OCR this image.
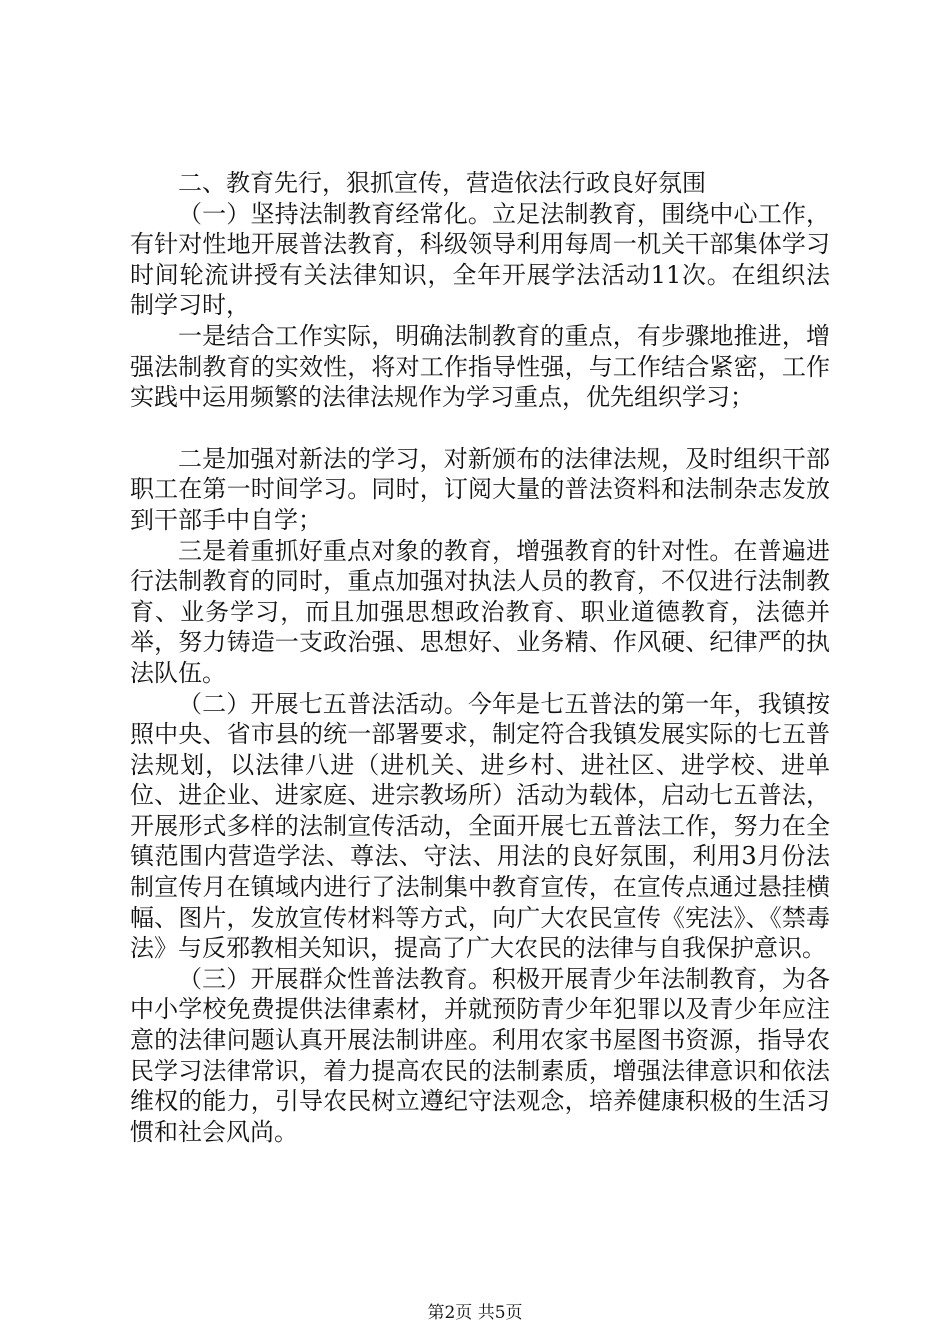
二、教育先行，狠抓宣传，营造依法行政良好氛围

（一）坚持法制教育经常化。立足法制教育，围绕中心工作，有针对性地开展普法教育，科级领导利用每周一机关干部集体学习时间轮流讲授有关法律知识，全年开展学法活动11次。在组织法制学习时，

一是结合工作实际，明确法制教育的重点，有步骤地推进，增强法制教育的实效性，将对工作指导性强，与工作结合紧密，工作实践中运用频繁的法律法规作为学习重点，优先组织学习；

二是加强对新法的学习，对新颁布的法律法规，及时组织干部职工在第一时间学习。同时，订阅大量的普法资料和法制杂志发放到干部手中自学；

三是着重抓好重点对象的教育，增强教育的针对性。在普遍进行法制教育的同时，重点加强对执法人员的教育，不仅进行法制教育、业务学习，而且加强思想政治教育、职业道德教育，法德并举，努力铸造一支政治强、思想好、业务精、作风硬、纪律严的执法队伍。

（二）开展七五普法活动。今年是七五普法的第一年，我镇按照中央、省市县的统一部署要求，制定符合我镇发展实际的七五普法规划，以法律八进（进机关、进乡村、进社区、进学校、进单位、进企业、进家庭、进宗教场所）活动为载体，启动七五普法，开展形式多样的法制宣传活动，全面开展七五普法工作，努力在全镇范围内营造学法、尊法、守法、用法的良好氛围，利用3月份法制宣传月在镇域内进行了法制集中教育宣传，在宣传点通过悬挂横幅、图片，发放宣传材料等方式，向广大农民宣传《宪法》、《禁毒法》与反邪教相关知识，提高了广大农民的法律与自我保护意识。

（三）开展群众性普法教育。积极开展青少年法制教育，为各中小学校免费提供法律素材，并就预防青少年犯罪以及青少年应注意的法律问题认真开展法制讲座。利用农家书屋图书资源，指导农民学习法律常识，着力提高农民的法制素质，增强法律意识和依法维权的能力，引导农民树立遵纪守法观念，培养健康积极的生活习惯和社会风尚。

第2页 共5页
